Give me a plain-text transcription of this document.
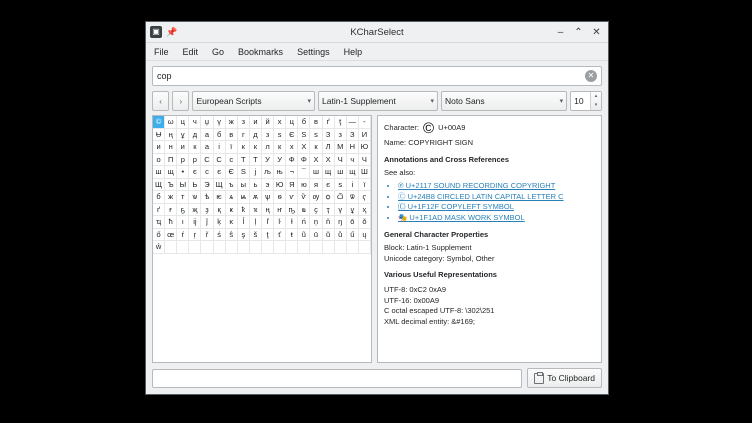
▣ 📌	KCharSelect	– ⌃ ✕
File Edit Go Bookmarks Settings Help
cop	✕
‹	›	European Scripts	▾ Latin-1 Supplement	▾ Noto Sans	▾ 10	▴
▾
© ω ц	ч	џ	ү	ж	з	и	й	х	ц	б	в	ґ	ţ — ‑
Ʉ ң	ұ	д	а	б	в	г	д	з	ѕ	Є Ѕ	ѕ	З	з	З И
и	н	и	к	а	і	ї	к	к	л	к	х	Х	к	Л М Н Ю
о П р	р С С	с	Т	Т У У Ф Φ Х Х Ч	ч	Ч
ш щ	•	є	с	є	Є Ѕ	ј	љ њ ¬	¯ ш щ ш щ Ш
Щ Ъ Ы Ь Э Щ ъ ы ь	э Ю Я ю я	є	ѕ	і	ї
б ж	т	ѡ ѣ ѥ	ѧ	ѩ ѫ ѱ ѳ	ѵ ѷ ѹ ѻ ѽ ѿ	ҁ
ґ	ғ	ҕ	җ	ҙ	қ	ҝ	ҟ	ҡ	ң	ҥ ҧ ҩ	ҫ	ҭ	ү	ұ	ҳ
ҵ ħ	ı	ĳ	ĵ	ķ	ĸ	ĺ	ļ	ľ	ŀ	ł	ń	ņ	ň	ŋ	ō	ŏ
ő œ ŕ	ŗ	ř	ś	ŝ	ş	š	ţ	ť	ŧ	ũ	ū	ŭ	ů	ű	ų
ŵ
Character: © U+00A9
Name: COPYRIGHT SIGN
Annotations and Cross References
See also:
• ℗ U+2117 SOUND RECORDING COPYRIGHT
• Ⓒ U+24B8 CIRCLED LATIN CAPITAL LETTER C
• 🄒 U+1F12F COPYLEFT SYMBOL
• 🎭 U+1F1AD MASK WORK SYMBOL
General Character Properties
Block: Latin-1 Supplement
Unicode category: Symbol, Other
Various Useful Representations
UTF-8: 0xC2 0xA9
UTF-16: 0x00A9
C octal escaped UTF-8: \302\251
XML decimal entity: &#169;
To Clipboard
